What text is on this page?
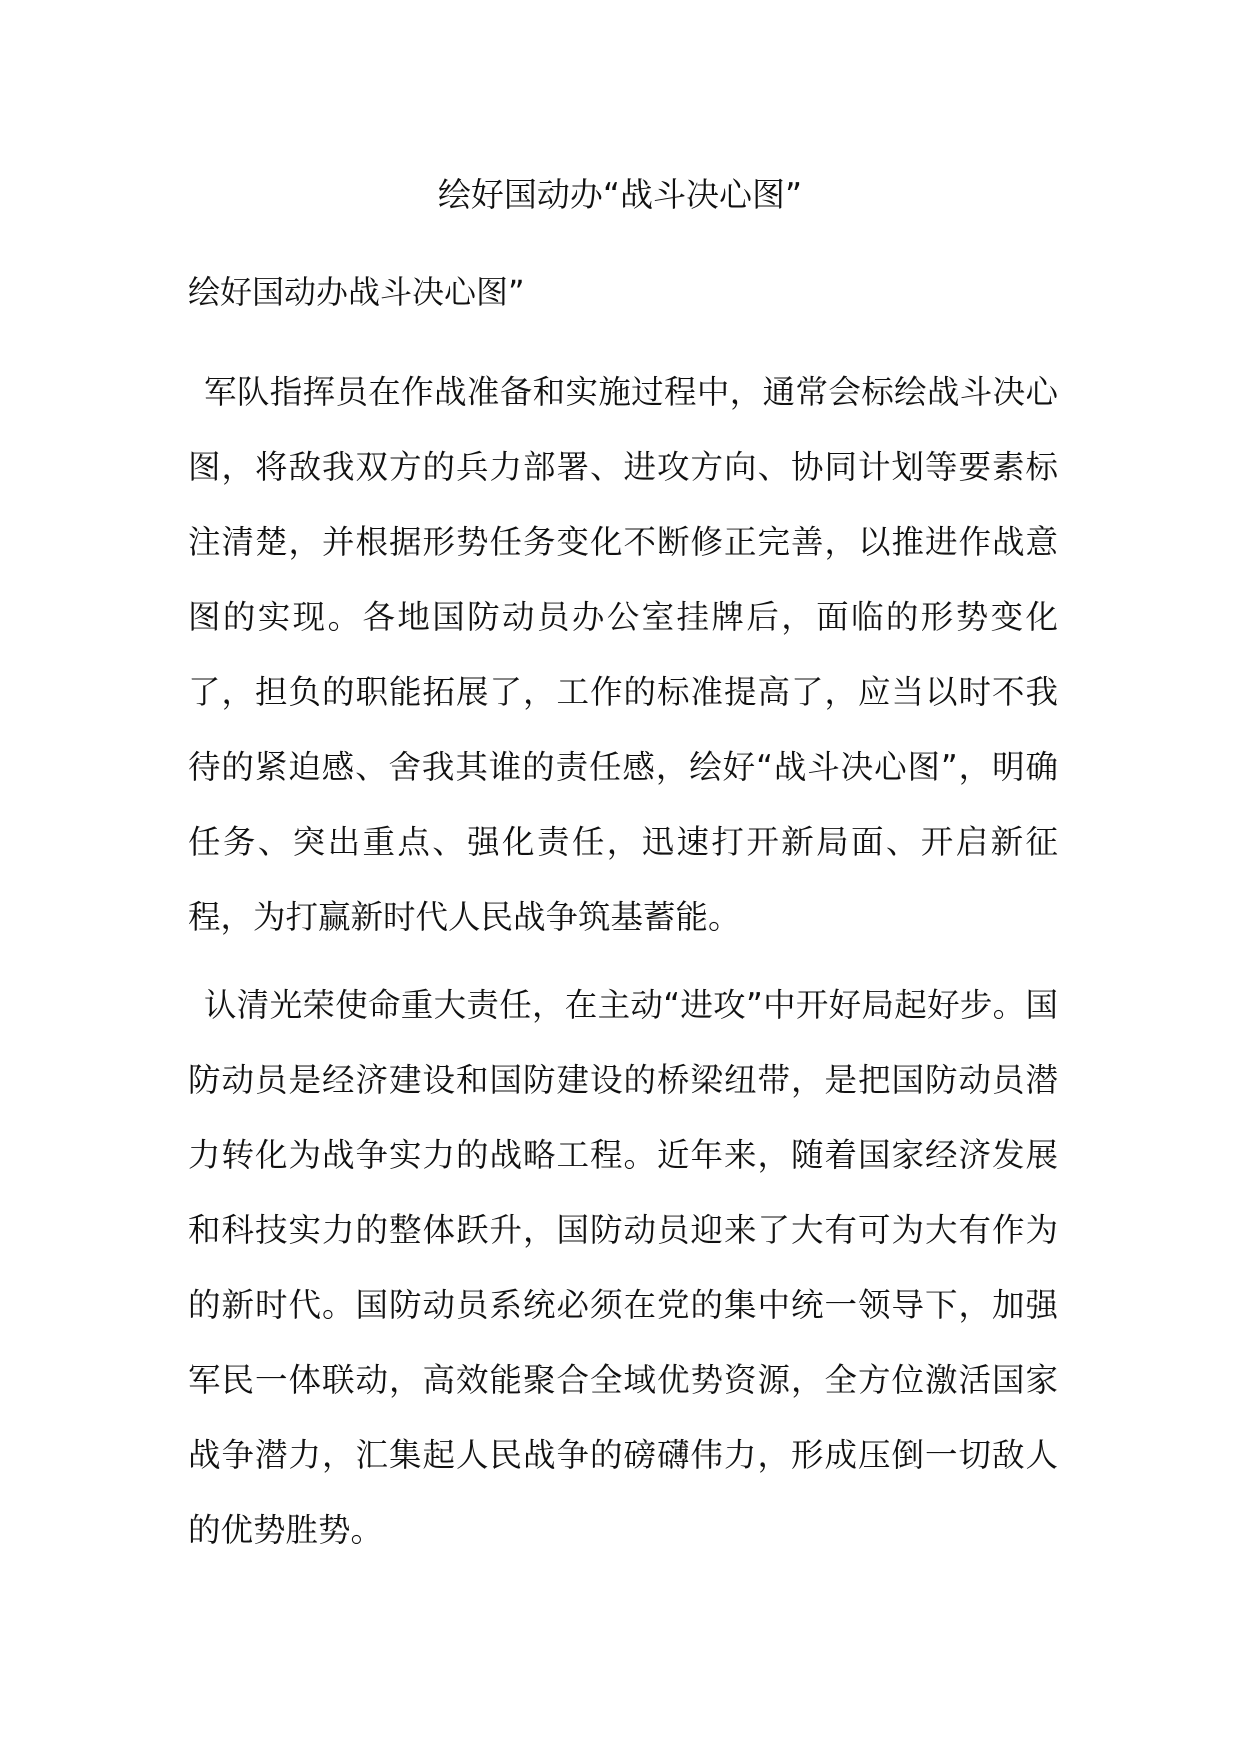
绘好国动办“战斗决心图”

绘好国动办战斗决心图”

军队指挥员在作战准备和实施过程中，通常会标绘战斗决心图，将敌我双方的兵力部署、进攻方向、协同计划等要素标注清楚，并根据形势任务变化不断修正完善，以推进作战意图的实现。各地国防动员办公室挂牌后，面临的形势变化了，担负的职能拓展了，工作的标准提高了，应当以时不我待的紧迫感、舍我其谁的责任感，绘好“战斗决心图”，明确任务、突出重点、强化责任，迅速打开新局面、开启新征程，为打赢新时代人民战争筑基蓄能。

认清光荣使命重大责任，在主动“进攻”中开好局起好步。国防动员是经济建设和国防建设的桥梁纽带，是把国防动员潜力转化为战争实力的战略工程。近年来，随着国家经济发展和科技实力的整体跃升，国防动员迎来了大有可为大有作为的新时代。国防动员系统必须在党的集中统一领导下，加强军民一体联动，高效能聚合全域优势资源，全方位激活国家战争潜力，汇集起人民战争的磅礴伟力，形成压倒一切敌人的优势胜势。
